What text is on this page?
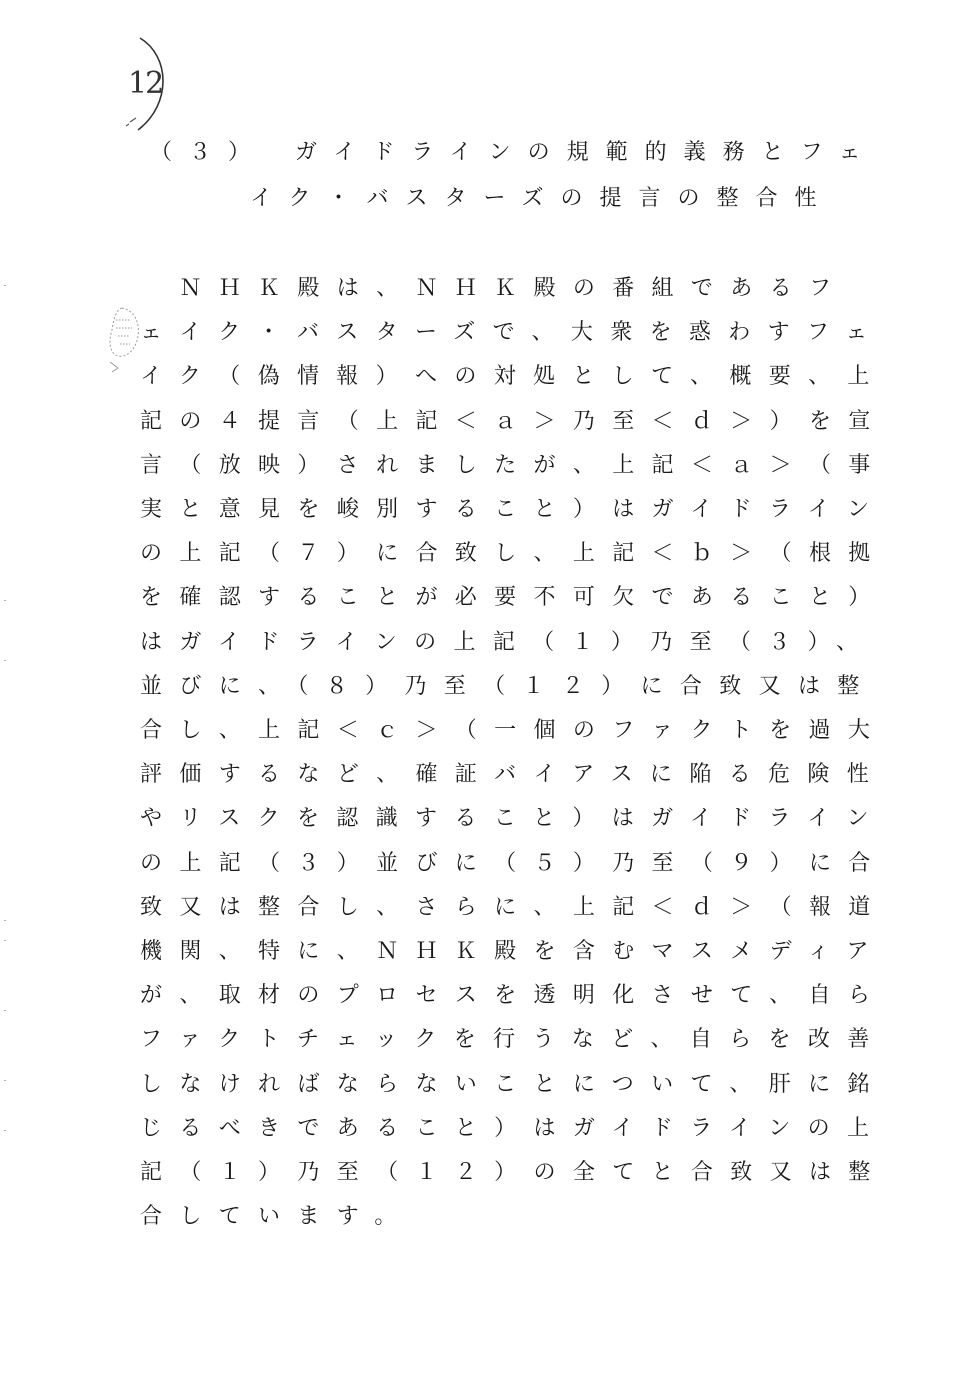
12
（３）　ガイドラインの規範的義務とフェ
イク・バスターズの提言の整合性
　ＮＨＫ殿は、ＮＨＫ殿の番組であるフ
ェイク・バスターズで、大衆を惑わすフェ
イク（偽情報）への対処として、概要、上
記の４提言（上記＜ａ＞乃至＜ｄ＞）を宣
言（放映）されましたが、上記＜ａ＞（事
実と意見を峻別すること）はガイドライン
の上記（７）に合致し、上記＜ｂ＞（根拠
を確認することが必要不可欠であること）
はガイドラインの上記（１）乃至（３）、
並びに、（８）乃至（１２）に合致又は整
合し、上記＜ｃ＞（一個のファクトを過大
評価するなど、確証バイアスに陥る危険性
やリスクを認識すること）はガイドライン
の上記（３）並びに（５）乃至（９）に合
致又は整合し、さらに、上記＜ｄ＞（報道
機関、特に、ＮＨＫ殿を含むマスメディア
が、取材のプロセスを透明化させて、自ら
ファクトチェックを行うなど、自らを改善
しなければならないことについて、肝に銘
じるべきであること）はガイドラインの上
記（１）乃至（１２）の全てと合致又は整
合しています。
